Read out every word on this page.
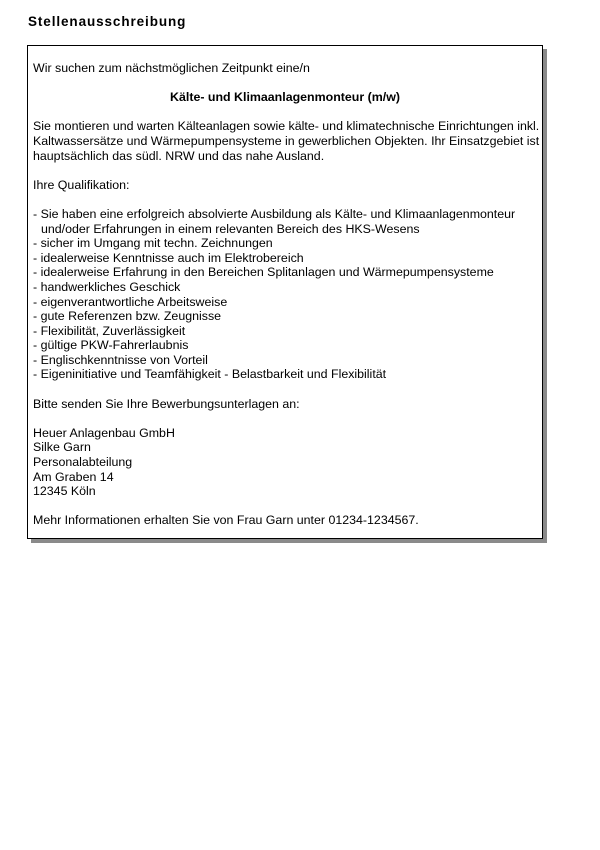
Stellenausschreibung

Wir suchen zum nächstmöglichen Zeitpunkt eine/n

Kälte- und Klimaanlagenmonteur (m/w)

Sie montieren und warten Kälteanlagen sowie kälte- und klimatechnische Einrichtungen inkl. Kaltwassersätze und Wärmepumpensysteme in gewerblichen Objekten. Ihr Einsatzgebiet ist hauptsächlich das südl. NRW und das nahe Ausland.

Ihre Qualifikation:

- Sie haben eine erfolgreich absolvierte Ausbildung als Kälte- und Klimaanlagenmonteur und/oder Erfahrungen in einem relevanten Bereich des HKS-Wesens
- sicher im Umgang mit techn. Zeichnungen
- idealerweise Kenntnisse auch im Elektrobereich
- idealerweise Erfahrung in den Bereichen Splitanlagen und Wärmepumpensysteme
- handwerkliches Geschick
- eigenverantwortliche Arbeitsweise
- gute Referenzen bzw. Zeugnisse
- Flexibilität, Zuverlässigkeit
- gültige PKW-Fahrerlaubnis
- Englischkenntnisse von Vorteil
- Eigeninitiative und Teamfähigkeit - Belastbarkeit und Flexibilität

Bitte senden Sie Ihre Bewerbungsunterlagen an:

Heuer Anlagenbau GmbH

Silke Garn

Personalabteilung

Am Graben 14

12345 Köln

Mehr Informationen erhalten Sie von Frau Garn unter 01234-1234567.
